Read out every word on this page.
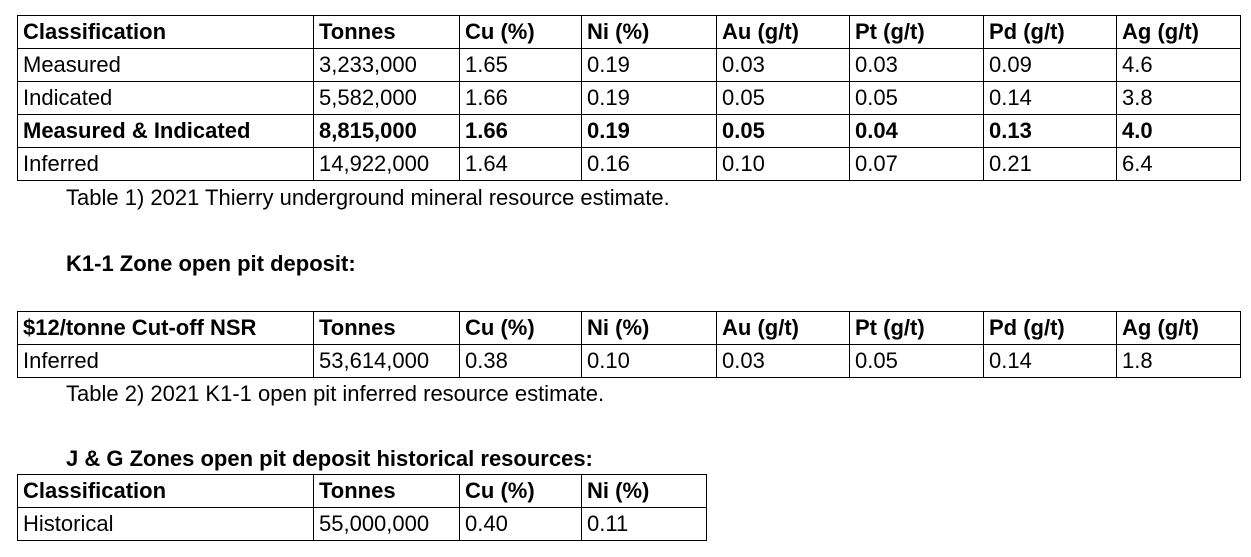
Classification	Tonnes	Cu (%)	Ni (%)	Au (g/t)	Pt (g/t)	Pd (g/t)	Ag (g/t)
Measured	3,233,000	1.65	0.19	0.03	0.03	0.09	4.6
Indicated	5,582,000	1.66	0.19	0.05	0.05	0.14	3.8
Measured & Indicated	8,815,000	1.66	0.19	0.05	0.04	0.13	4.0
Inferred	14,922,000	1.64	0.16	0.10	0.07	0.21	6.4
Table 1) 2021 Thierry underground mineral resource estimate.
K1-1 Zone open pit deposit:
$12/tonne Cut-off NSR	Tonnes	Cu (%)	Ni (%)	Au (g/t)	Pt (g/t)	Pd (g/t)	Ag (g/t)
Inferred	53,614,000	0.38	0.10	0.03	0.05	0.14	1.8
Table 2) 2021 K1-1 open pit inferred resource estimate.
J & G Zones open pit deposit historical resources:
Classification	Tonnes	Cu (%)	Ni (%)
Historical	55,000,000	0.40	0.11
